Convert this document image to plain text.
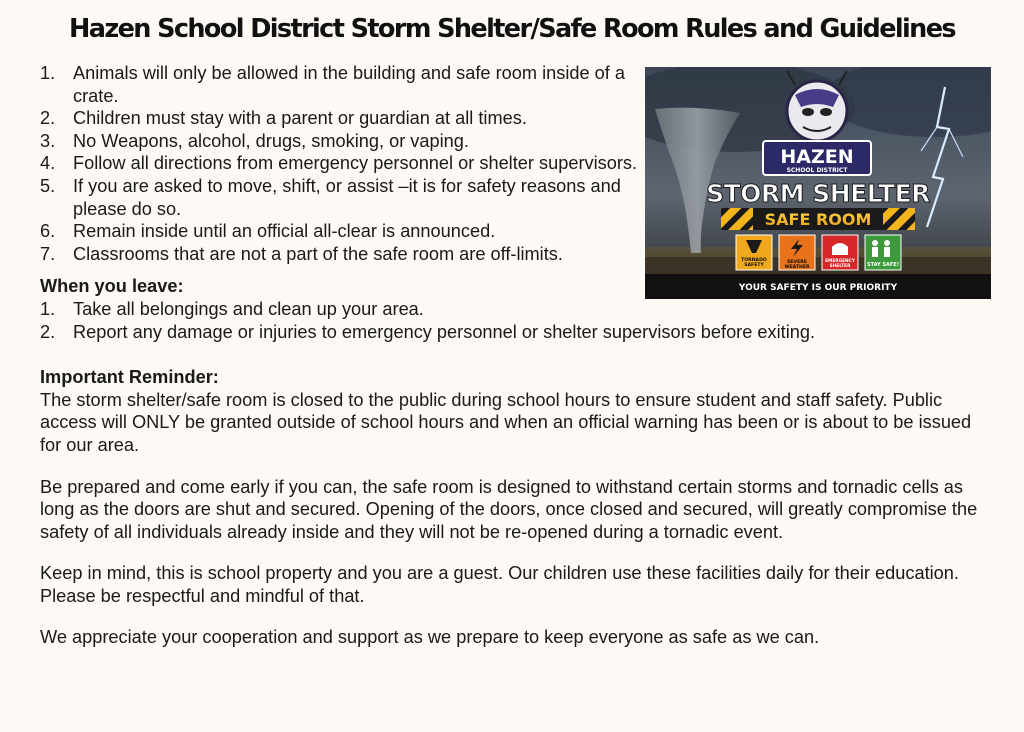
Hazen School District Storm Shelter/Safe Room Rules and Guidelines
1. Animals will only be allowed in the building and safe room inside of a crate.
2. Children must stay with a parent or guardian at all times.
3. No Weapons, alcohol, drugs, smoking, or vaping.
4. Follow all directions from emergency personnel or shelter supervisors.
5. If you are asked to move, shift, or assist –it is for safety reasons and please do so.
6. Remain inside until an official all-clear is announced.
7. Classrooms that are not a part of the safe room are off-limits.
When you leave:
1. Take all belongings and clean up your area.
2. Report any damage or injuries to emergency personnel or shelter supervisors before exiting.
Important Reminder:

The storm shelter/safe room is closed to the public during school hours to ensure student and staff safety. Public access will ONLY be granted outside of school hours and when an official warning has been or is about to be issued for our area.

Be prepared and come early if you can, the safe room is designed to withstand certain storms and tornadic cells as long as the doors are shut and secured. Opening of the doors, once closed and secured, will greatly compromise the safety of all individuals already inside and they will not be re-opened during a tornadic event.

Keep in mind, this is school property and you are a guest. Our children use these facilities daily for their education. Please be respectful and mindful of that.

We appreciate your cooperation and support as we prepare to keep everyone as safe as we can.

HAZEN
SCHOOL DISTRICT
STORM SHELTER
SAFE ROOM
TORNADO
SAFETY
SEVERE
WEATHER
EMERGENCY
SHELTER	STAY SAFE!
YOUR SAFETY IS OUR PRIORITY
